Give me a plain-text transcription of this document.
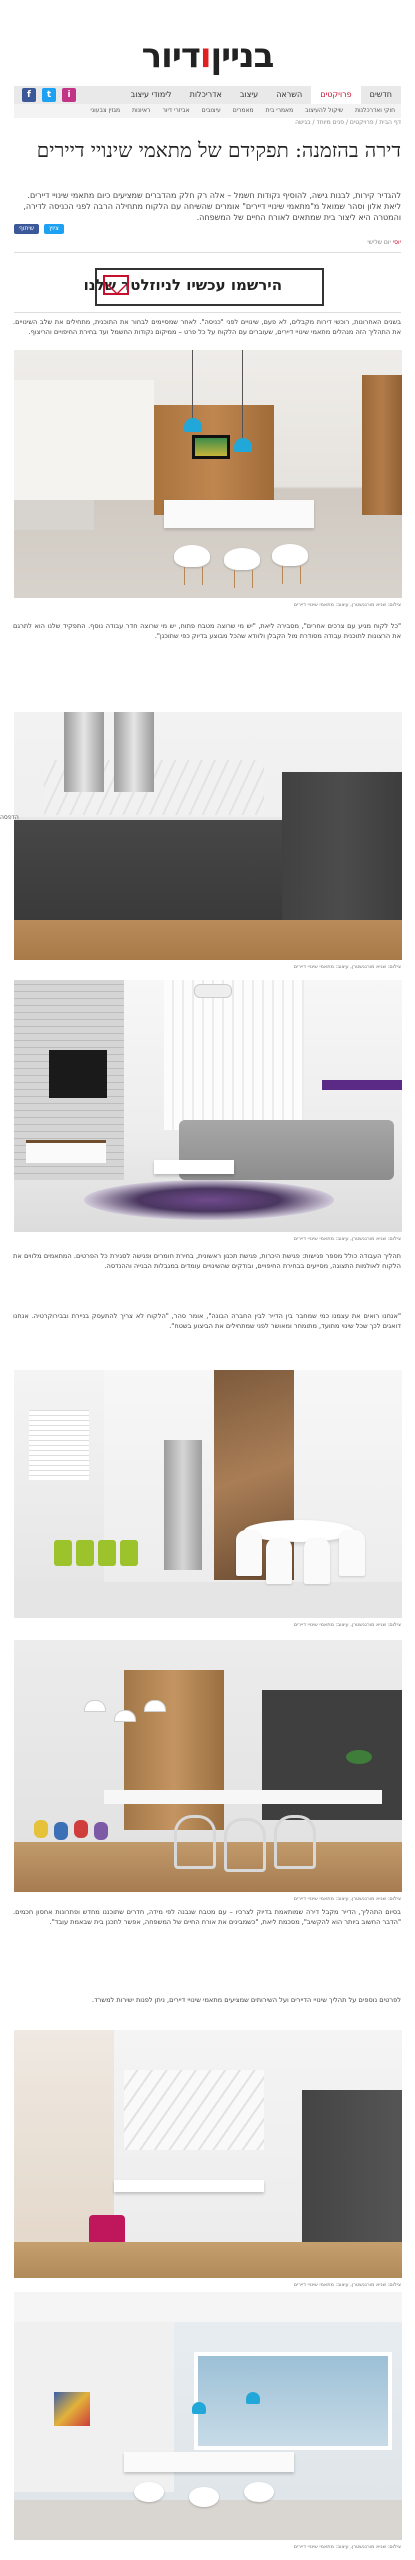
בנייןודיור
חדשים
פרויקטים
השראה
עיצוב
אדריכלות
לימודי עיצוב
f	t	i
חוקי ואדרכלנות
שיקול להעיצוב
מאמרי בית
מאמרים
עיצובים
אביזרי דיור
ראיונות
מגזין צבעוני
דף הבית / פרויקטים / פנים מיוחד / בגישה
דירה בהזמנה: תפקידם של מתאמי שינויי דיירים
להגדיר קירות, לבנות גישה, להוסיף נקודות חשמל – אלה רק חלק מהדברים שמציעים כיום מתאמי שינויי דיירים. ליאת אלון וסהר שמואל מ"מתאמי שינויי דיירים" אומרים שהשיחה עם הלקוח מתחילה הרבה לפני הכניסה לדירה, והמטרה היא ליצור בית שמתאים לאורח החיים של המשפחה.
שיתוף	ציוץ
יוסי יום שלישי
הירשמו עכשיו לניוזלטר שלנו
בשנים האחרונות, רוכשי דירות מקבלים, לא פעם, שינויים לפני "כניסה". לאחר שמסיימים לבחור את התוכנית, מתחילים את שלב השינויים. את התהליך הזה מנהלים מתאמי שינויי דיירים, שעוברים עם הלקוח על כל פרט – ממיקום נקודות החשמל ועד בחירת החיפויים והריצוף.
צילום: שגיא מורגנשטרן, עיצוב: מתאמי שינויי דיירים
"כל לקוח מגיע עם צרכים אחרים", מסבירה ליאת, "יש מי שרוצה מטבח פתוח, יש מי שרוצה חדר עבודה נוסף. התפקיד שלנו הוא לתרגם את הרצונות לתוכנית עבודה מסודרת מול הקבלן ולוודא שהכל מבוצע בדיוק כפי שתוכנן".
צילום: שגיא מורגנשטרן, עיצוב: מתאמי שינויי דיירים
הדפסה
צילום: שגיא מורגנשטרן, עיצוב: מתאמי שינויי דיירים
תהליך העבודה כולל מספר פגישות: פגישת היכרות, פגישת תכנון ראשונית, בחירת חומרים ופגישה לסגירת כל הפרטים. המתאמים מלווים את הלקוח לאולמות התצוגה, מסייעים בבחירת החיפויים, ובודקים שהשינויים עומדים במגבלות הבנייה וההנדסה.
"אנחנו רואים את עצמנו כמי שמחבר בין הדייר לבין החברה הבונה", אומר סהר, "הלקוח לא צריך להתעסק בניירת ובבירוקרטיה. אנחנו דואגים לכך שכל שינוי מתועד, מתומחר ומאושר לפני שמתחילים את הביצוע בשטח".
צילום: שגיא מורגנשטרן, עיצוב: מתאמי שינויי דיירים
צילום: שגיא מורגנשטרן, עיצוב: מתאמי שינויי דיירים
בסיום התהליך, הדייר מקבל דירה שמותאמת בדיוק לצרכיו – עם מטבח שנבנה לפי מידה, חדרים שתוכננו מחדש ופתרונות אחסון חכמים. "הדבר החשוב ביותר הוא להקשיב", מסכמת ליאת, "כשמבינים את אורח החיים של המשפחה, אפשר לתכנן בית שבאמת עובד".
לפרטים נוספים על תהליך שינויי הדיירים ועל השירותים שמציעים מתאמי שינויי דיירים, ניתן לפנות ישירות למשרד.
צילום: שגיא מורגנשטרן, עיצוב: מתאמי שינויי דיירים
צילום: שגיא מורגנשטרן, עיצוב: מתאמי שינויי דיירים
